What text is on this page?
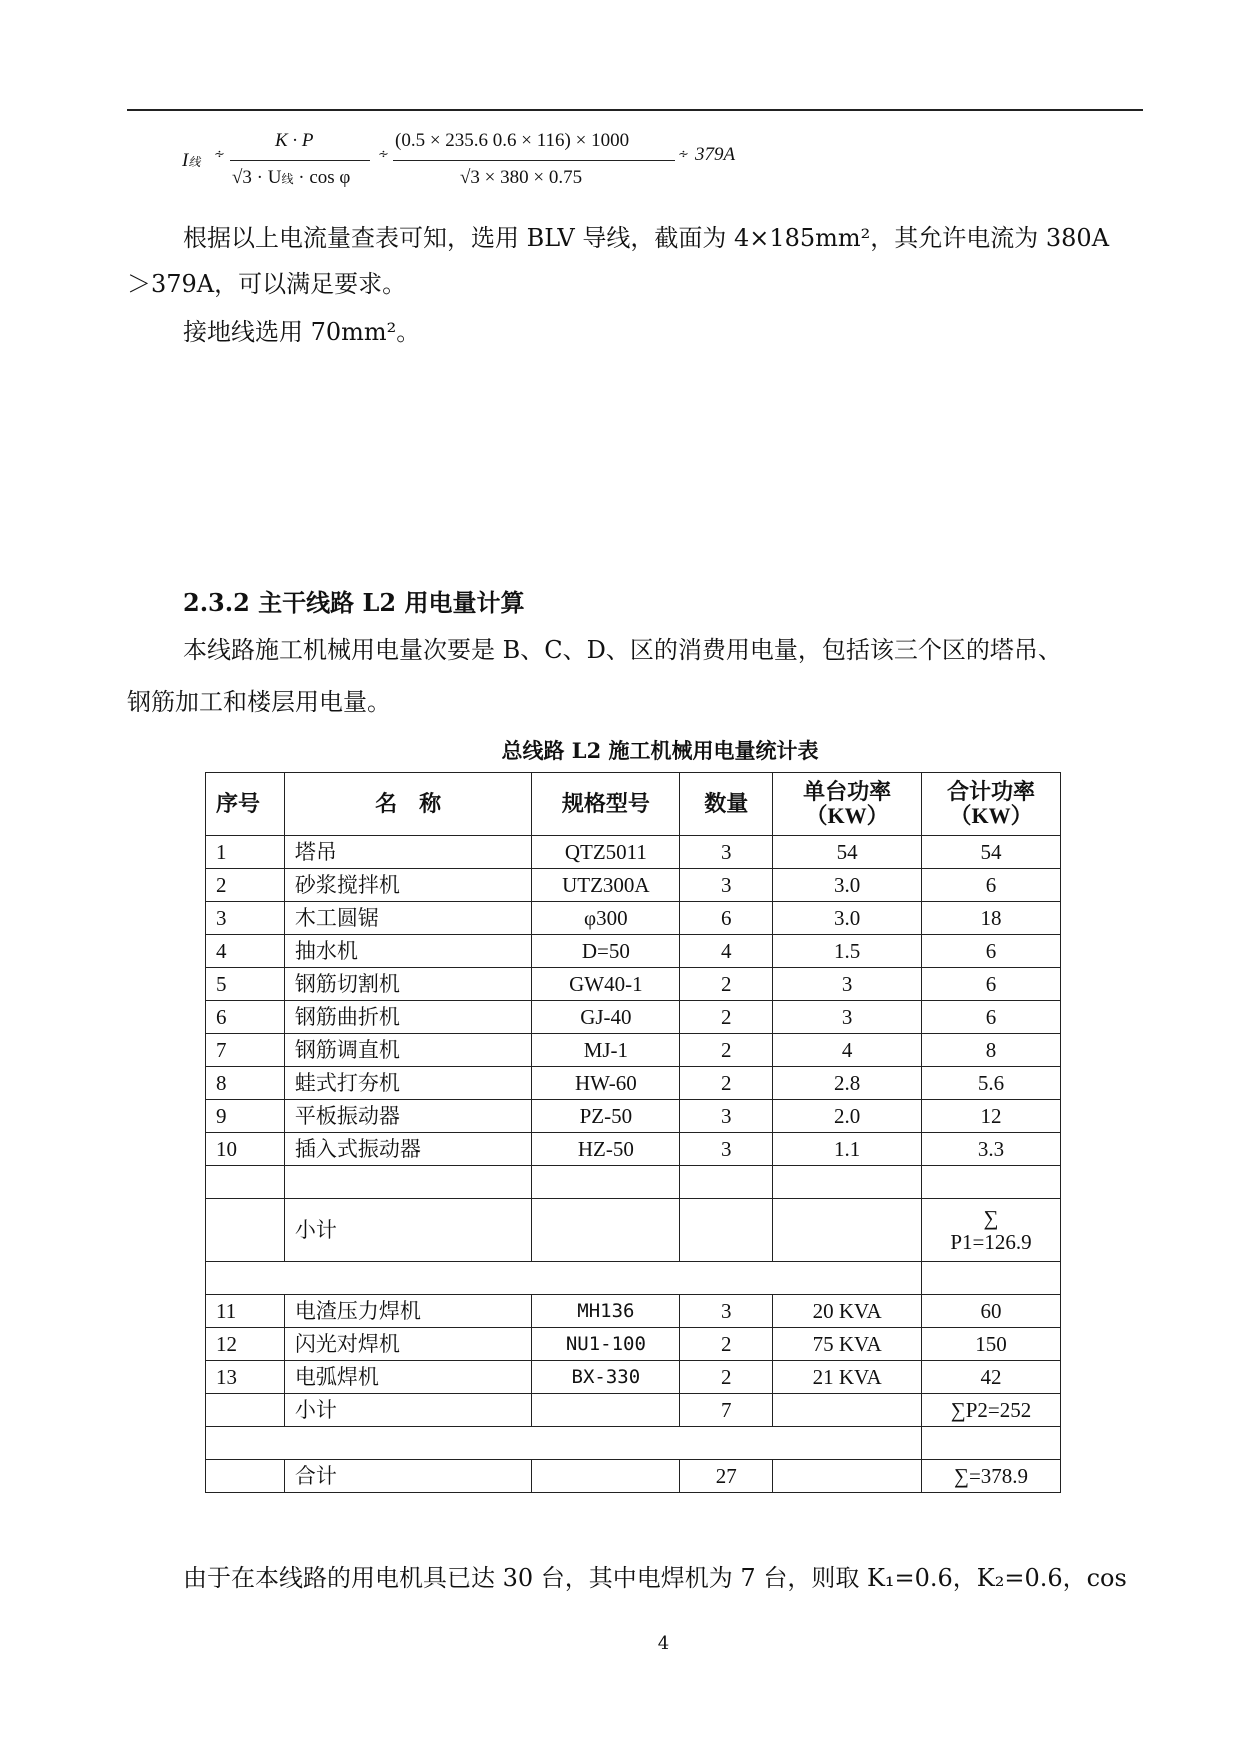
I线
∻
K · P
√3 · U线 · cos φ
∻
(0.5 × 235.6 0.6 × 116) × 1000
√3 × 380 × 0.75
∻ 379A
根据以上电流量查表可知，选用 BLV 导线，截面为 4×185mm²，其允许电流为 380A
＞379A，可以满足要求。
接地线选用 70mm²。
2.3.2 主干线路 L2 用电量计算
本线路施工机械用电量次要是 B、C、D、区的消费用电量，包括该三个区的塔吊、
钢筋加工和楼层用电量。
总线路 L2 施工机械用电量统计表
序号	名　称	规格型号	数量	单台功率
（KW）	合计功率
（KW）
1	塔吊	QTZ5011	3	54	54
2	砂浆搅拌机	UTZ300A	3	3.0	6
3	木工圆锯	φ300	6	3.0	18
4	抽水机	D=50	4	1.5	6
5	钢筋切割机	GW40-1	2	3	6
6	钢筋曲折机	GJ-40	2	3	6
7	钢筋调直机	MJ-1	2	4	8
8	蛙式打夯机	HW-60	2	2.8	5.6
9	平板振动器	PZ-50	3	2.0	12
10	插入式振动器	HZ-50	3	1.1	3.3

	小计				∑
P1=126.9

11	电渣压力焊机	MH136	3	20 KVA	60
12	闪光对焊机	NU1-100	2	75 KVA	150
13	电弧焊机	BX-330	2	21 KVA	42
	小计		7		∑P2=252

	合计		27		∑=378.9
由于在本线路的用电机具已达 30 台，其中电焊机为 7 台，则取 K₁=0.6，K₂=0.6，cos
4
